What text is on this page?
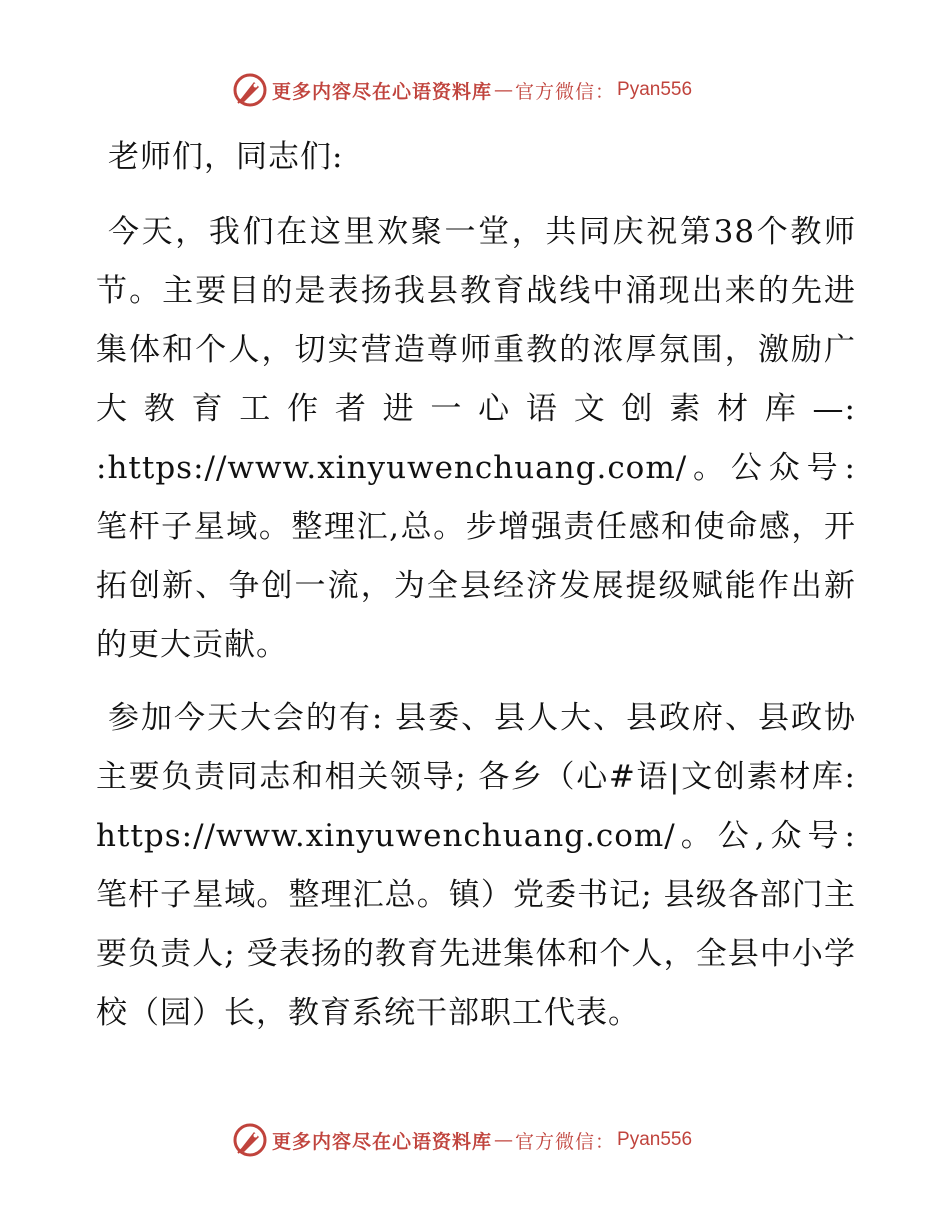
更多内容尽在心语资料库 — 官方微信： Pyan556

老师们，同志们:

今天，我们在这里欢聚一堂，共同庆祝第38个教师节。主要目的是表扬我县教育战线中涌现出来的先进集体和个人，切实营造尊师重教的浓厚氛围，激励广大教育工作者进一心语文创素材库—: :https://www.xinyuwenchuang.com/。公众号: 笔杆子星域。整理汇,总。步增强责任感和使命感，开拓创新、争创一流，为全县经济发展提级赋能作出新的更大贡献。

参加今天大会的有: 县委、县人大、县政府、县政协主要负责同志和相关领导; 各乡（心#语|文创素材库: https://www.xinyuwenchuang.com/。公,众号: 笔杆子星域。整理汇总。镇）党委书记; 县级各部门主要负责人; 受表扬的教育先进集体和个人，全县中小学校（园）长，教育系统干部职工代表。

更多内容尽在心语资料库 — 官方微信： Pyan556
